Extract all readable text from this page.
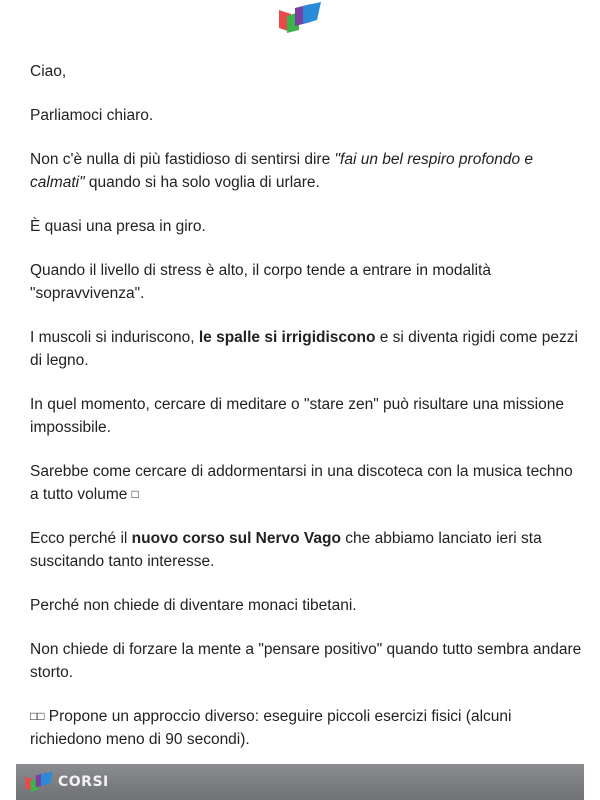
Ciao,

Parliamoci chiaro.

Non c'è nulla di più fastidioso di sentirsi dire "fai un bel respiro profondo e calmati" quando si ha solo voglia di urlare.

È quasi una presa in giro.

Quando il livello di stress è alto, il corpo tende a entrare in modalità "sopravvivenza".

I muscoli si induriscono, le spalle si irrigidiscono e si diventa rigidi come pezzi di legno.

In quel momento, cercare di meditare o "stare zen" può risultare una missione impossibile.

Sarebbe come cercare di addormentarsi in una discoteca con la musica techno a tutto volume □

Ecco perché il nuovo corso sul Nervo Vago che abbiamo lanciato ieri sta suscitando tanto interesse.

Perché non chiede di diventare monaci tibetani.

Non chiede di forzare la mente a "pensare positivo" quando tutto sembra andare storto.

□□ Propone un approccio diverso: eseguire piccoli esercizi fisici (alcuni richiedono meno di 90 secondi).

CORSI
